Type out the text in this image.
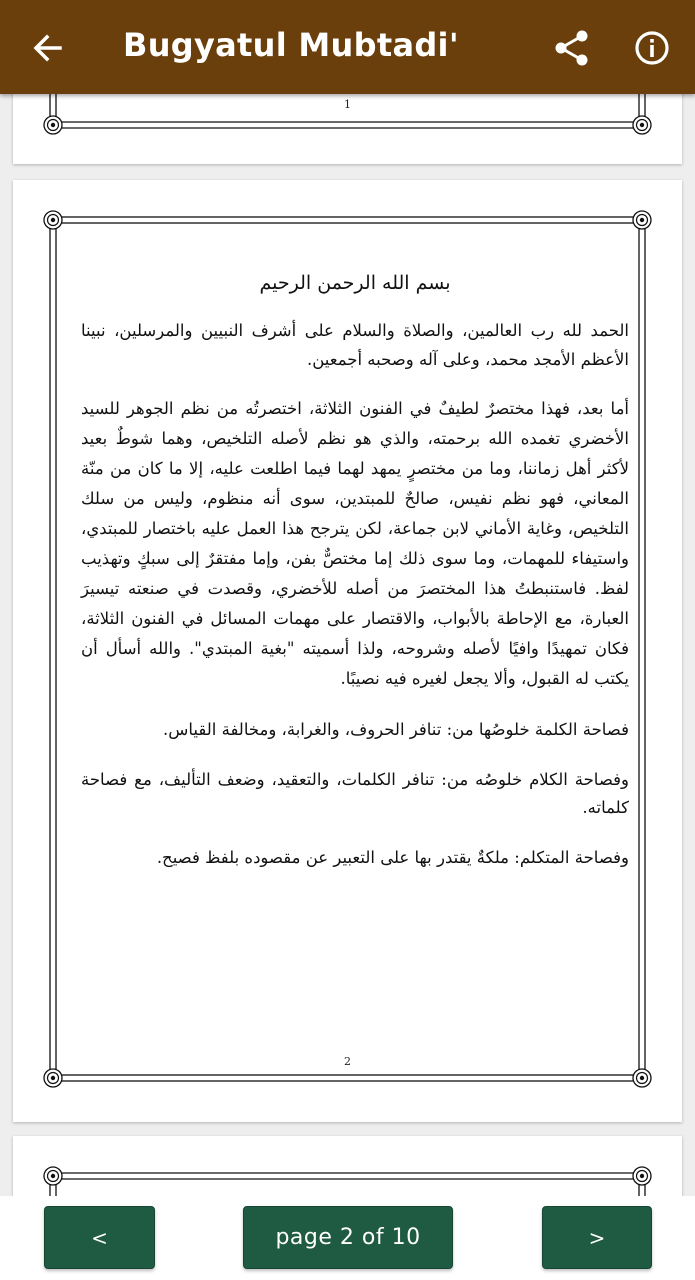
Bugyatul Mubtadi'
1

بسم الله الرحمن الرحيم

الحمد لله رب العالمين، والصلاة والسلام على أشرف النبيين والمرسلين، نبينا الأعظم الأمجد محمد، وعلى آله وصحبه أجمعين.

أما بعد، فهذا مختصرٌ لطيفٌ في الفنون الثلاثة، اختصرتُه من نظم الجوهر للسيد الأخضري تغمده الله برحمته، والذي هو نظم لأصله التلخيص، وهما شوطٌ بعيد لأكثر أهل زماننا، وما من مختصرٍ يمهد لهما فيما اطلعت عليه، إلا ما كان من منّة المعاني، فهو نظم نفيس، صالحٌ للمبتدين، سوى أنه منظوم، وليس من سلك التلخيص، وغاية الأماني لابن جماعة، لكن يترجح هذا العمل عليه باختصار للمبتدي، واستيفاء للمهمات، وما سوى ذلك إما مختصٌّ بفن، وإما مفتقرٌ إلى سبكٍ وتهذيب لفظ. فاستنبطتُ هذا المختصرَ من أصله للأخضري، وقصدت في صنعته تيسيرَ العبارة، مع الإحاطة بالأبواب، والاقتصار على مهمات المسائل في الفنون الثلاثة، فكان تمهيدًا وافيًا لأصله وشروحه، ولذا أسميته "بغية المبتدي". والله أسأل أن يكتب له القبول، وألا يجعل لغيره فيه نصيبًا.

فصاحة الكلمة خلوصُها من: تنافر الحروف، والغرابة، ومخالفة القياس.

وفصاحة الكلام خلوصُه من: تنافر الكلمات، والتعقيد، وضعف التأليف، مع فصاحة كلماته.

وفصاحة المتكلم: ملكةٌ يقتدر بها على التعبير عن مقصوده بلفظ فصيح.

2
<	page 2 of 10	>
